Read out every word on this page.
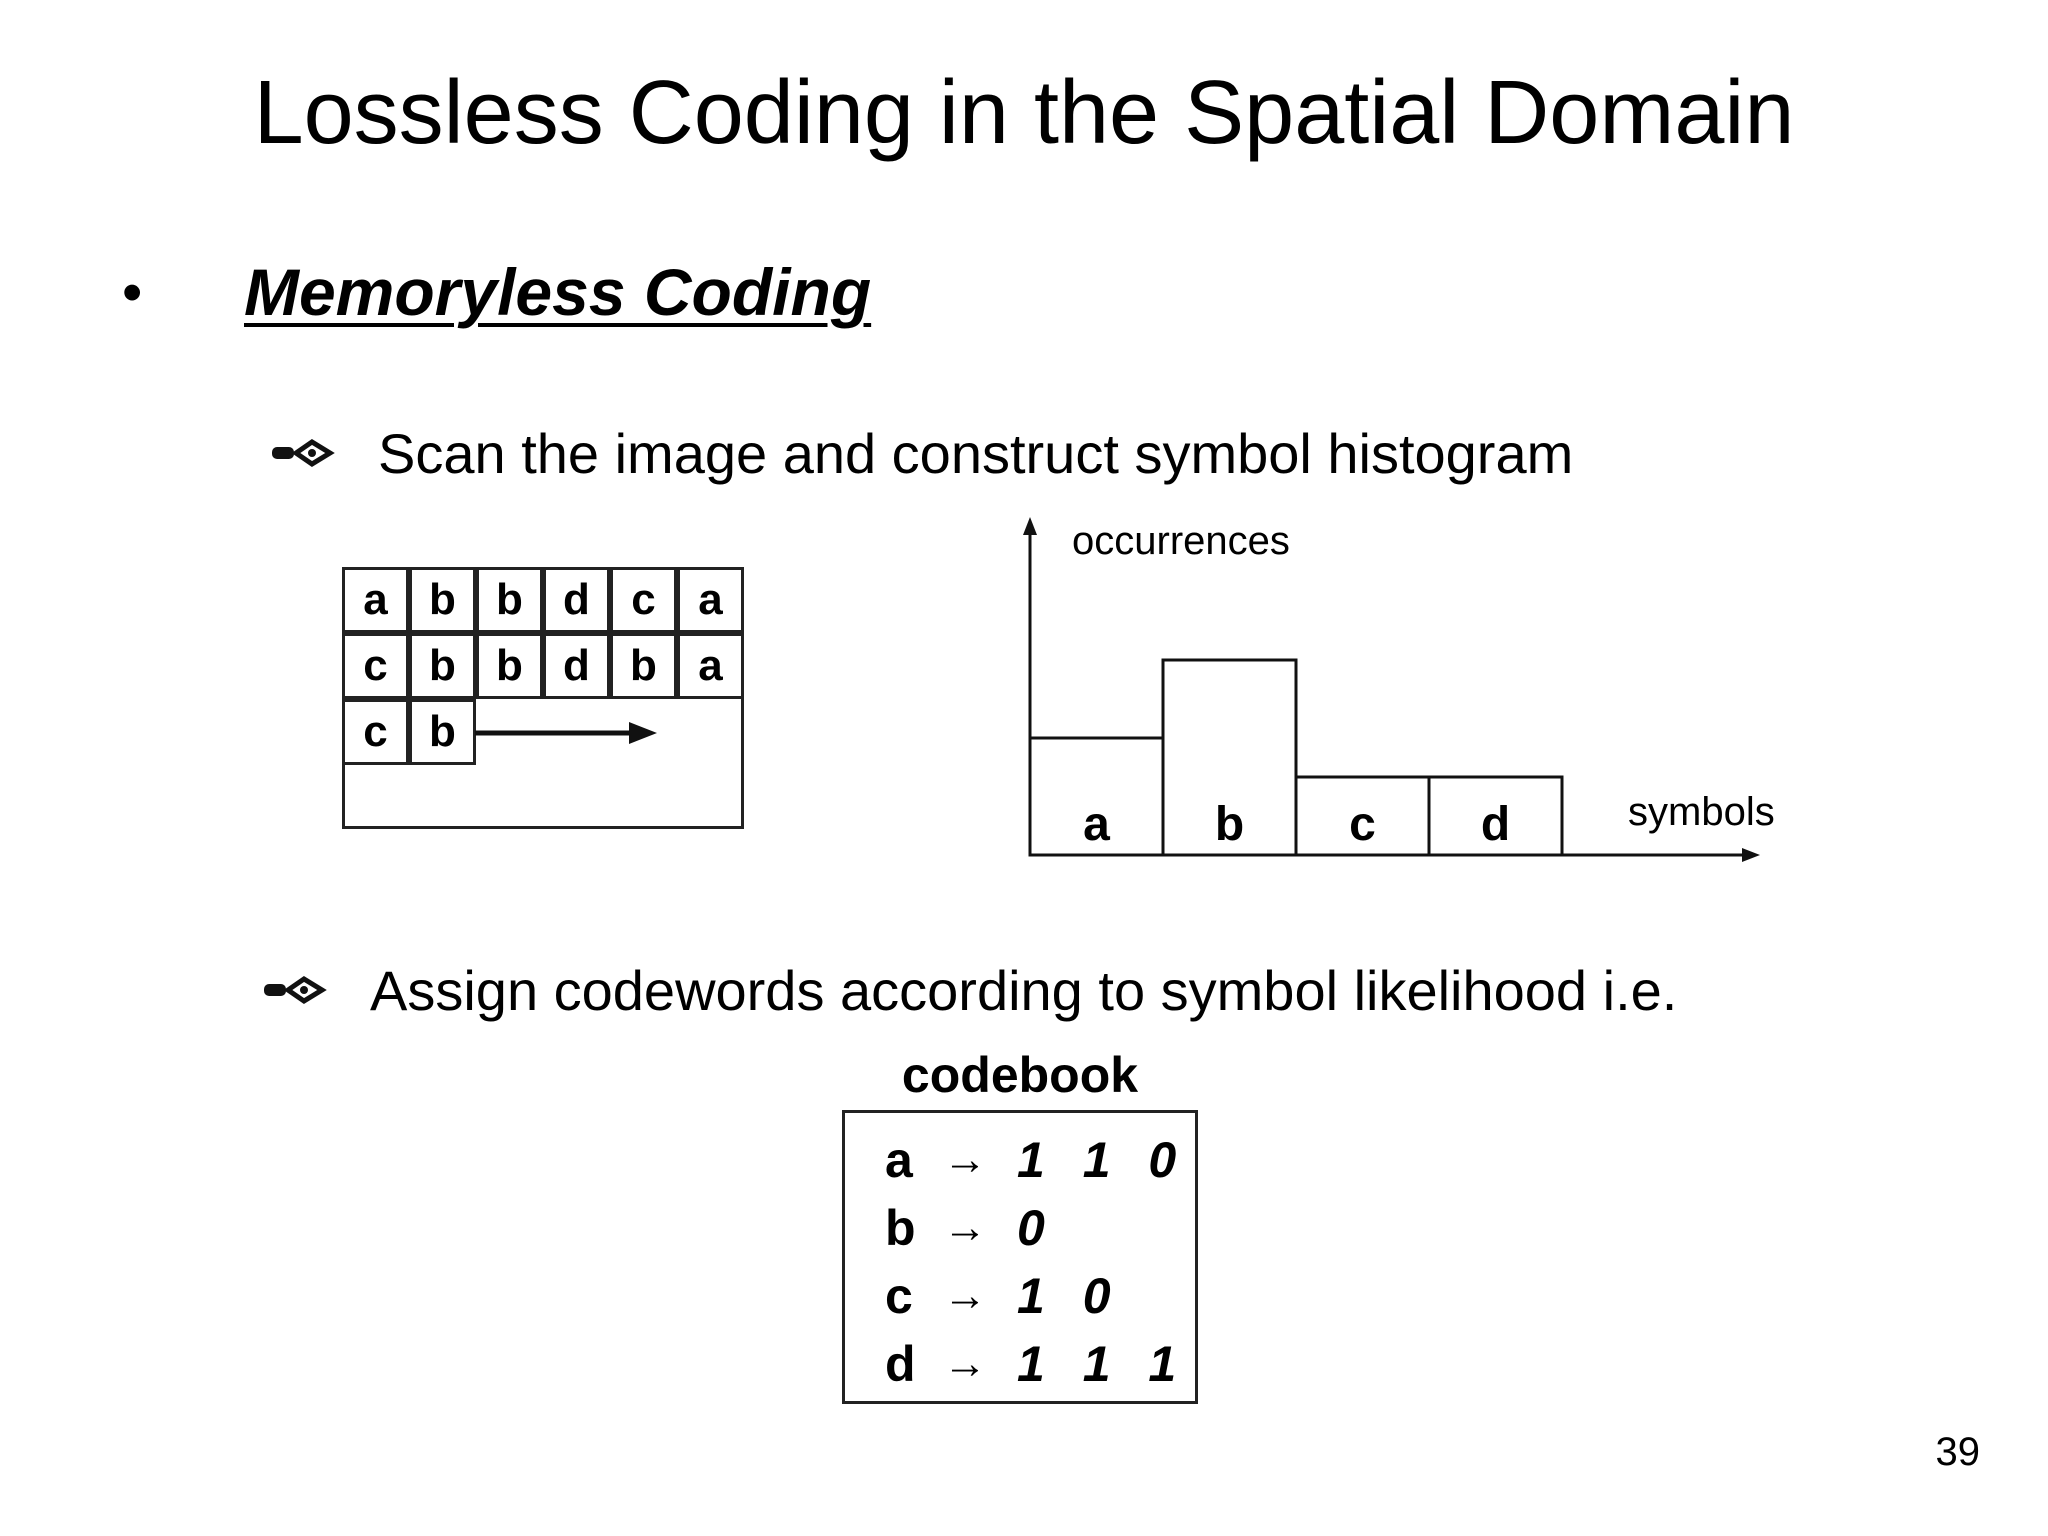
Lossless Coding in the Spatial Domain
•	Memoryless Coding
Scan the image and construct symbol histogram
a b b d c a
c b b d b a
c b
occurrences
symbols
a	b	c	d
Assign codewords according to symbol likelihood i.e.
codebook
a → 1 1 0
b → 0
c → 1 0
d → 1 1 1
39
